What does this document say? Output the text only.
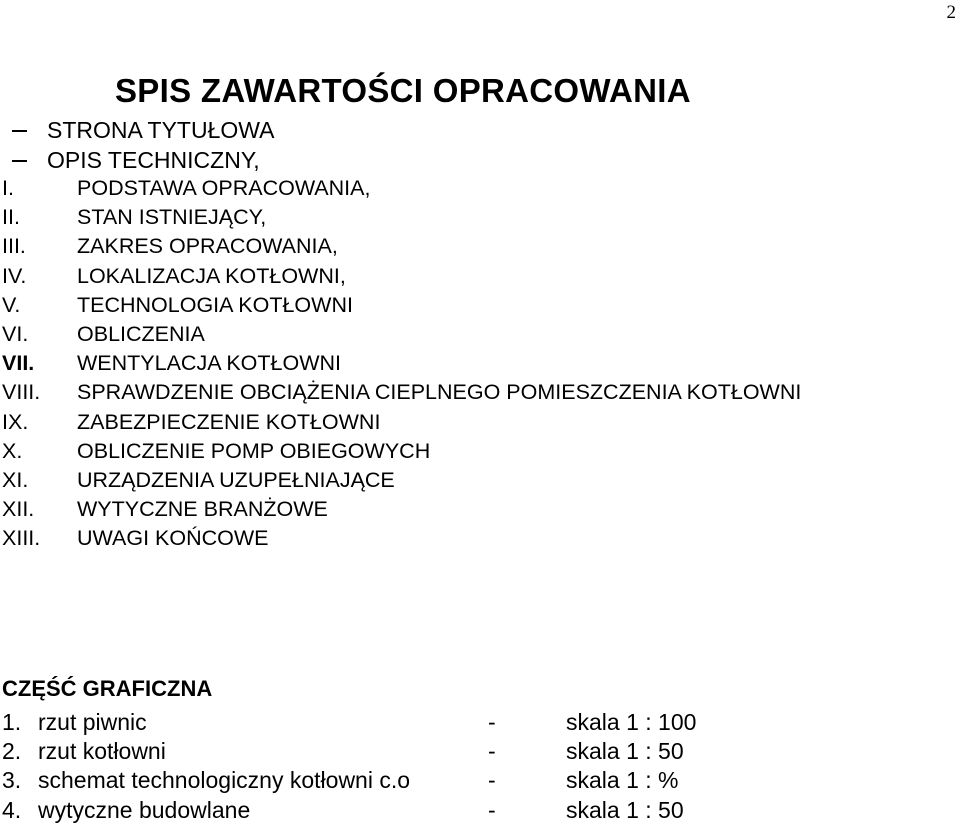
2
SPIS ZAWARTOŚCI OPRACOWANIA
STRONA TYTUŁOWA
OPIS TECHNICZNY,
I.	PODSTAWA OPRACOWANIA,
II.	STAN ISTNIEJĄCY,
III. ZAKRES OPRACOWANIA,
IV. LOKALIZACJA KOTŁOWNI,
V.	TECHNOLOGIA KOTŁOWNI
VI. OBLICZENIA
VII. WENTYLACJA KOTŁOWNI
VIII. SPRAWDZENIE OBCIĄŻENIA CIEPLNEGO POMIESZCZENIA KOTŁOWNI
IX. ZABEZPIECZENIE KOTŁOWNI
X.	OBLICZENIE POMP OBIEGOWYCH
XI. URZĄDZENIA UZUPEŁNIAJĄCE
XII. WYTYCZNE BRANŻOWE
XIII. UWAGI KOŃCOWE
CZĘŚĆ GRAFICZNA
1. rzut piwnic	-	skala 1 : 100
2. rzut kotłowni	-	skala 1 : 50
3. schemat technologiczny kotłowni c.o	-	skala 1 : %
4. wytyczne budowlane	-	skala 1 : 50
